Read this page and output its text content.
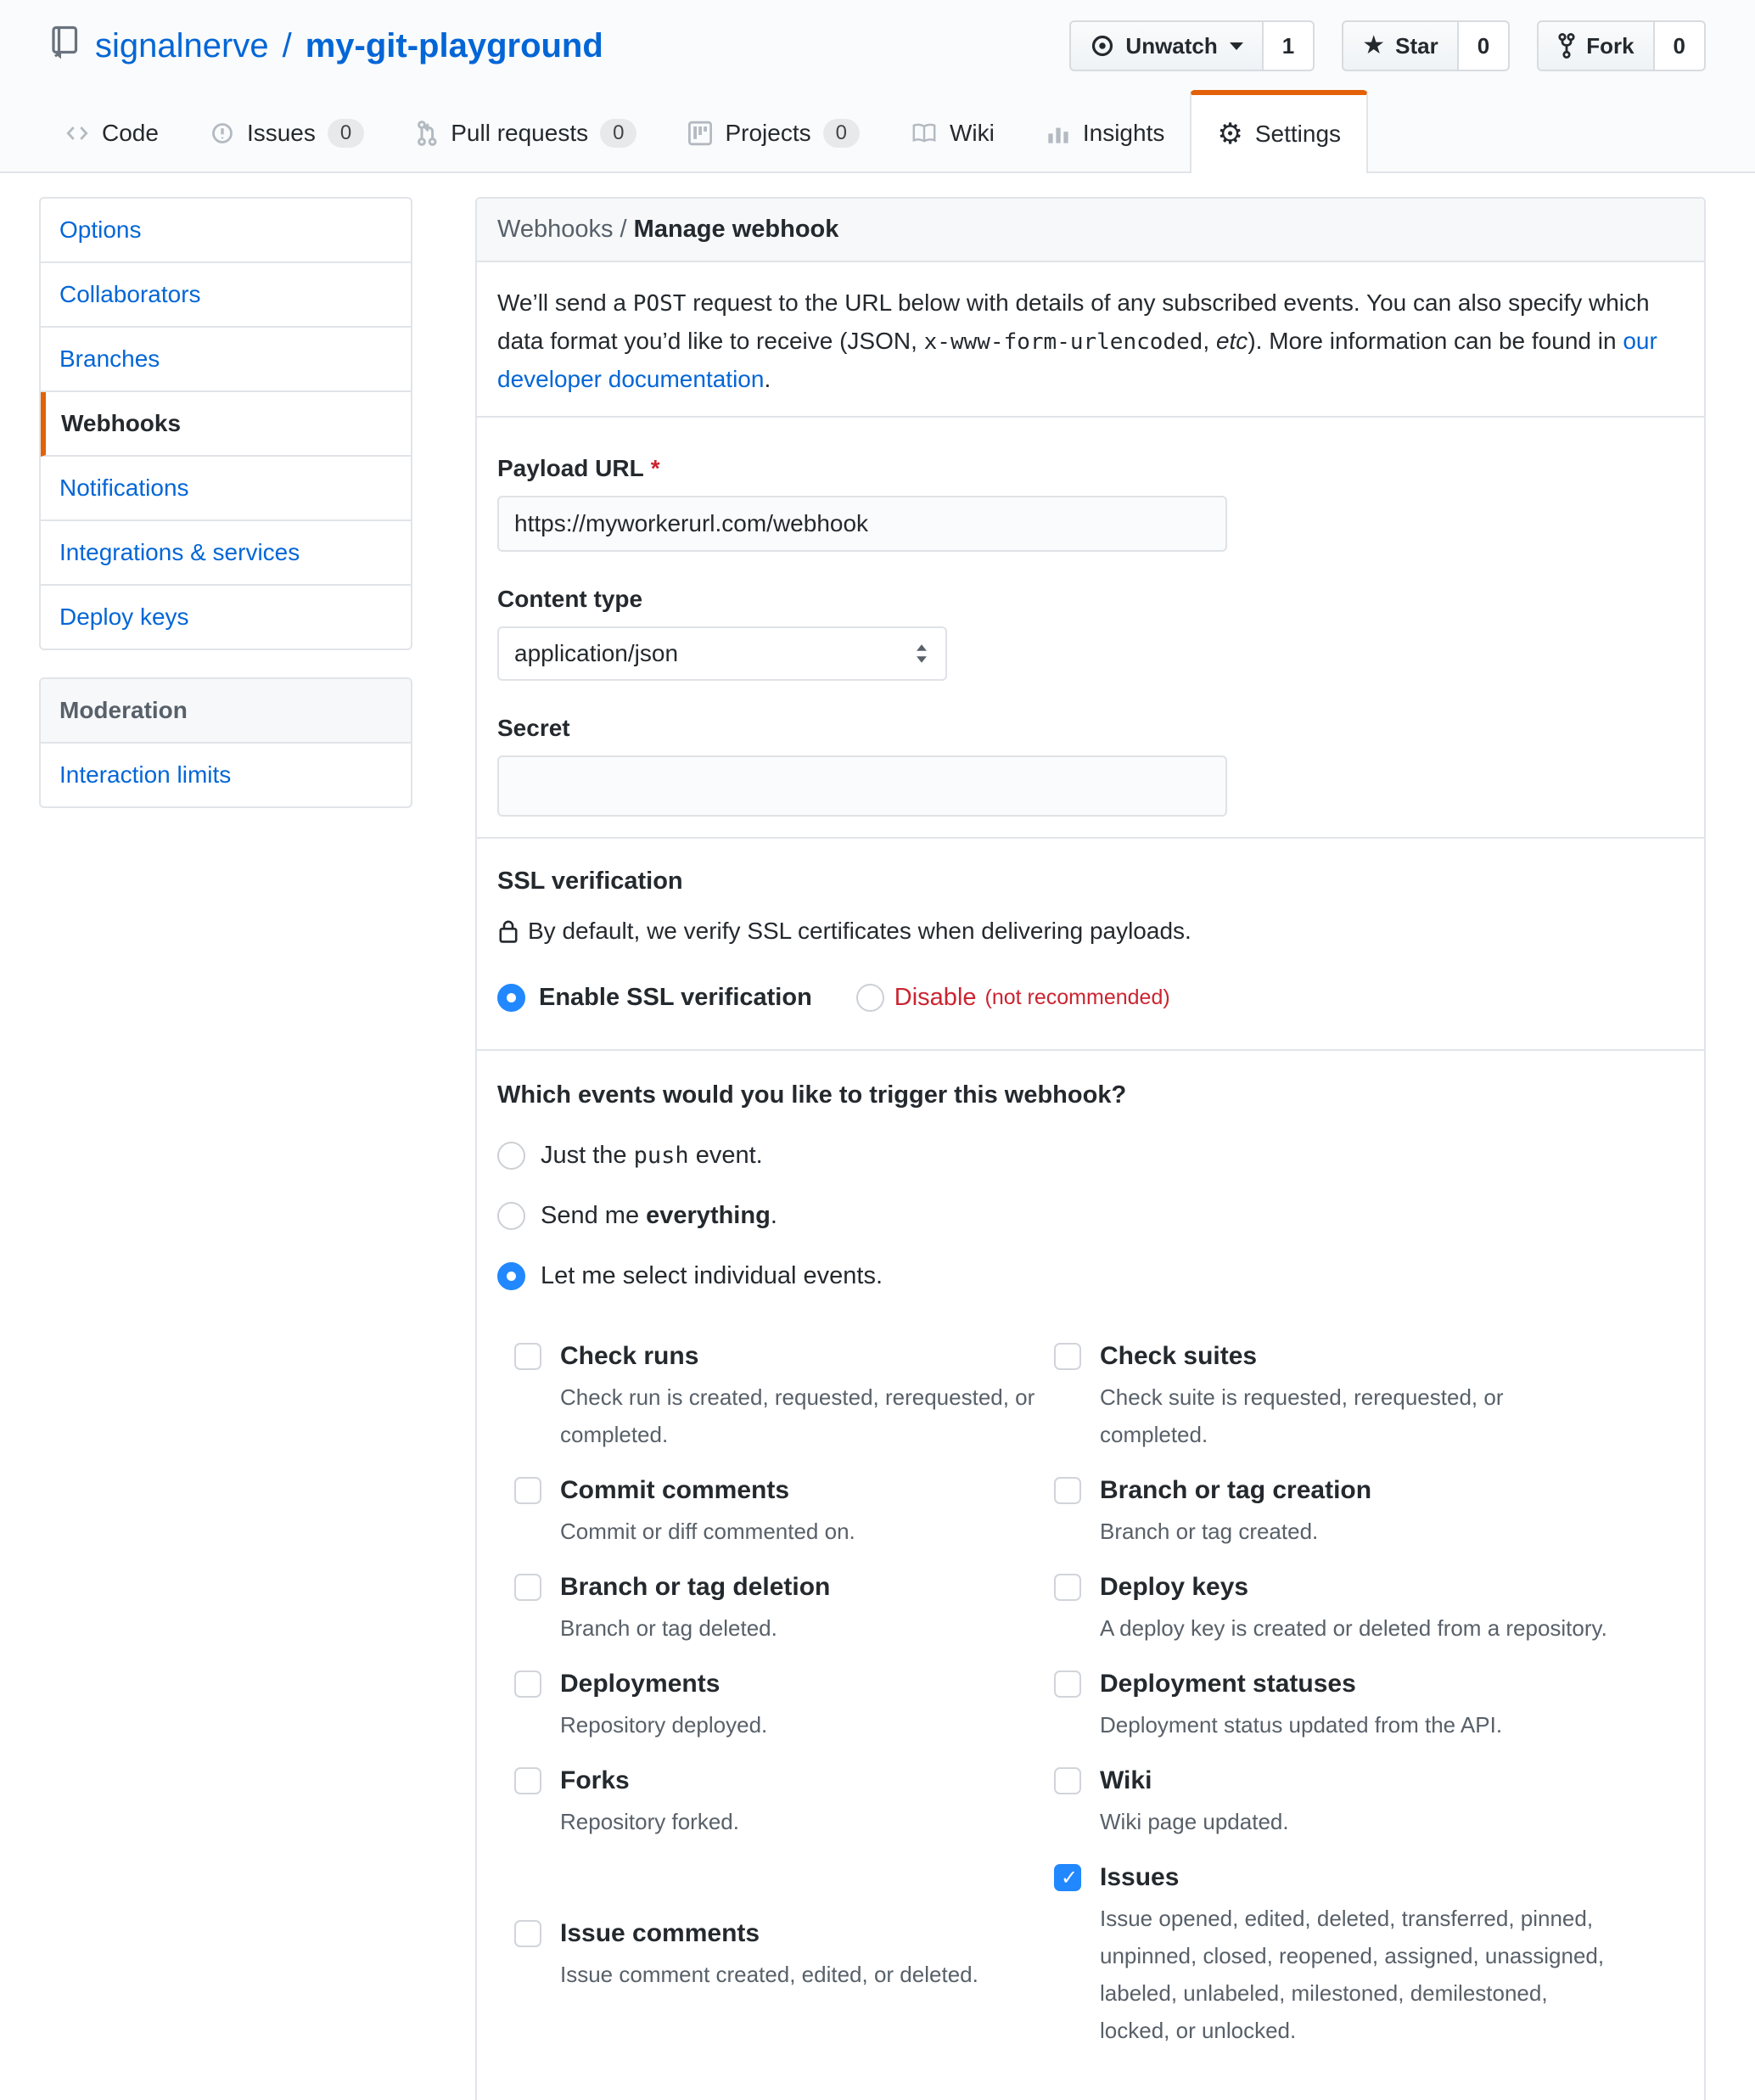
signalnerve / my-git-playground	Unwatch	1	★ Star	0	Fork	0
Code	Issues	0	Pull requests	0	Projects	0	Wiki	Insights ⚙ Settings
Options
Collaborators
Branches
Webhooks
Notifications
Integrations & services
Deploy keys
Moderation
Interaction limits
Webhooks / Manage webhook
We’ll send a POST request to the URL below with details of any subscribed events. You can also specify which data format you’d like to receive (JSON, x-www-form-urlencoded, etc). More information can be found in our developer documentation.
Payload URL *
https://myworkerurl.com/webhook
Content type
application/json
Secret
SSL verification
By default, we verify SSL certificates when delivering payloads.
Enable SSL verification	Disable (not recommended)
Which events would you like to trigger this webhook?
Just the push event.
Send me everything.
Let me select individual events.
Check runs
Check run is created, requested, rerequested, or completed.
Check suites
Check suite is requested, rerequested, or completed.
Commit comments
Commit or diff commented on.
Branch or tag creation
Branch or tag created.
Branch or tag deletion
Branch or tag deleted.
Deploy keys
A deploy key is created or deleted from a repository.
Deployments
Repository deployed.
Deployment statuses
Deployment status updated from the API.
Forks
Repository forked.
Wiki
Wiki page updated.
Issue comments
Issue comment created, edited, or deleted.
✓
Issues
Issue opened, edited, deleted, transferred, pinned, unpinned, closed, reopened, assigned, unassigned, labeled, unlabeled, milestoned, demilestoned, locked, or unlocked.
